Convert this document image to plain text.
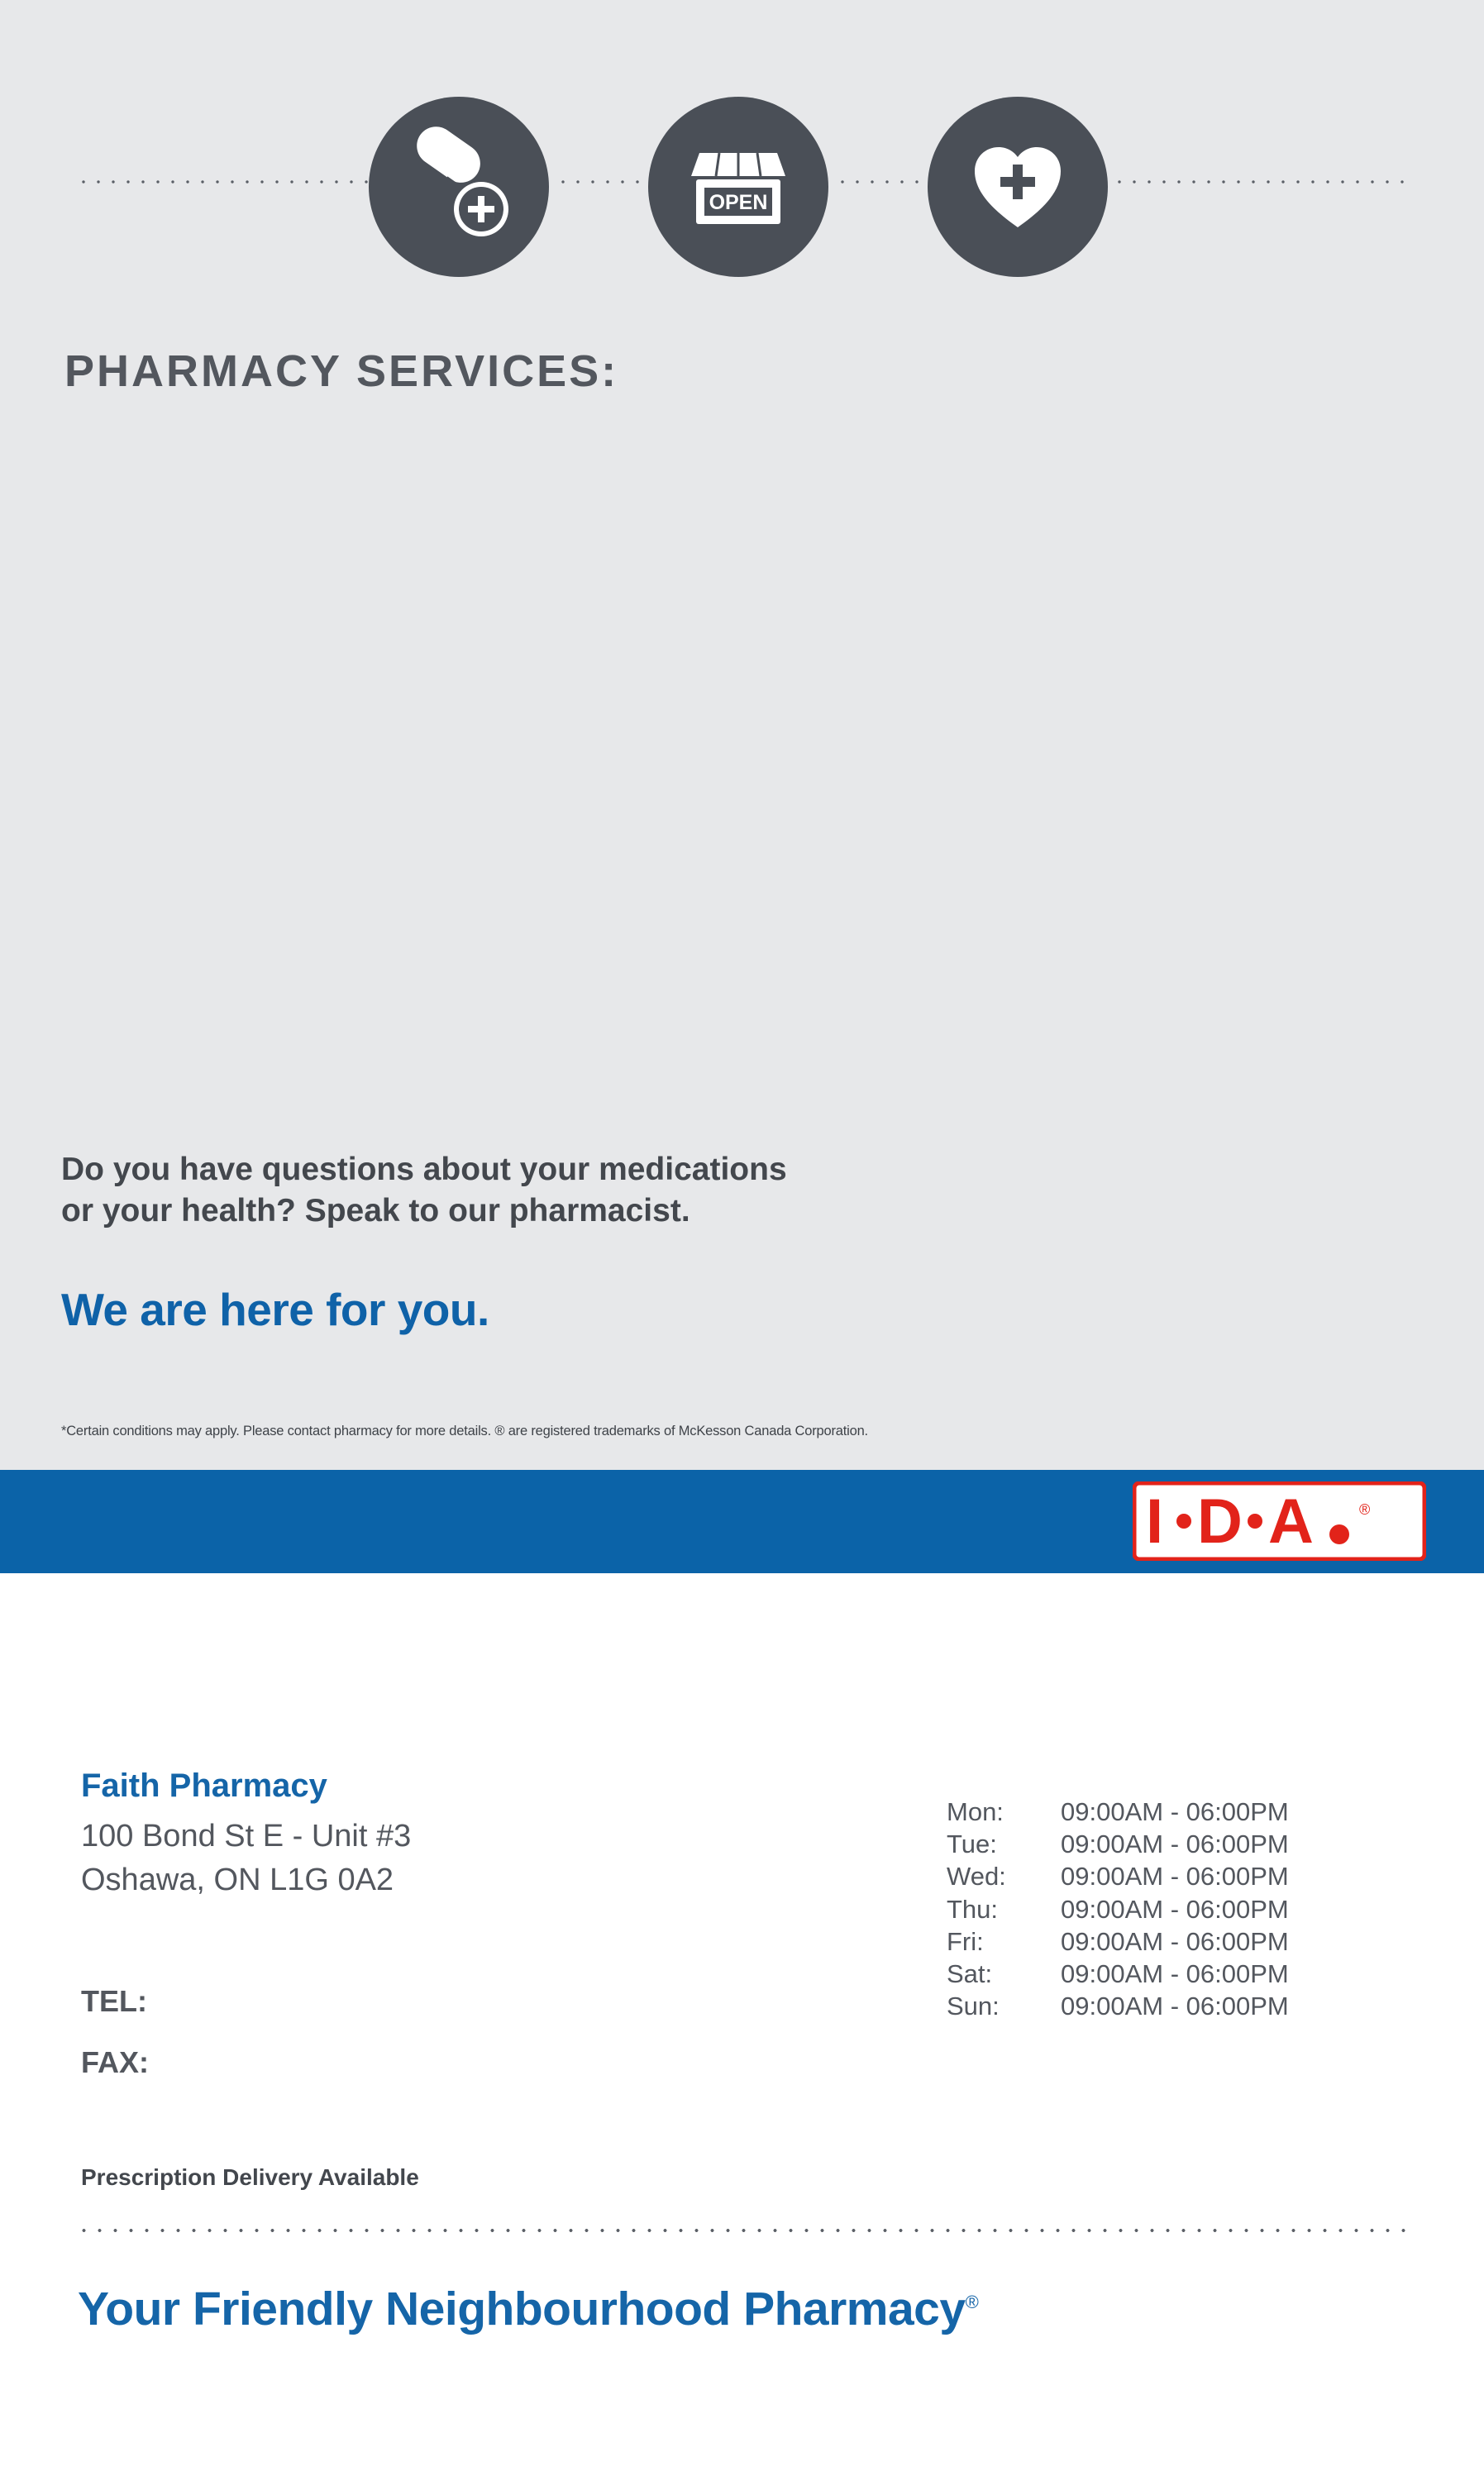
OPEN
PHARMACY SERVICES:
Do you have questions about your medications
or your health? Speak to our pharmacist.
We are here for you.
*Certain conditions may apply. Please contact pharmacy for more details. ® are registered trademarks of McKesson Canada Corporation.
I D A	®
Faith Pharmacy
100 Bond St E - Unit #3
Oshawa, ON L1G 0A2
TEL:
FAX:
Prescription Delivery Available
Mon:	09:00AM - 06:00PM
Tue:	09:00AM - 06:00PM
Wed:	09:00AM - 06:00PM
Thu:	09:00AM - 06:00PM
Fri:	09:00AM - 06:00PM
Sat:	09:00AM - 06:00PM
Sun:	09:00AM - 06:00PM
Your Friendly Neighbourhood Pharmacy®
